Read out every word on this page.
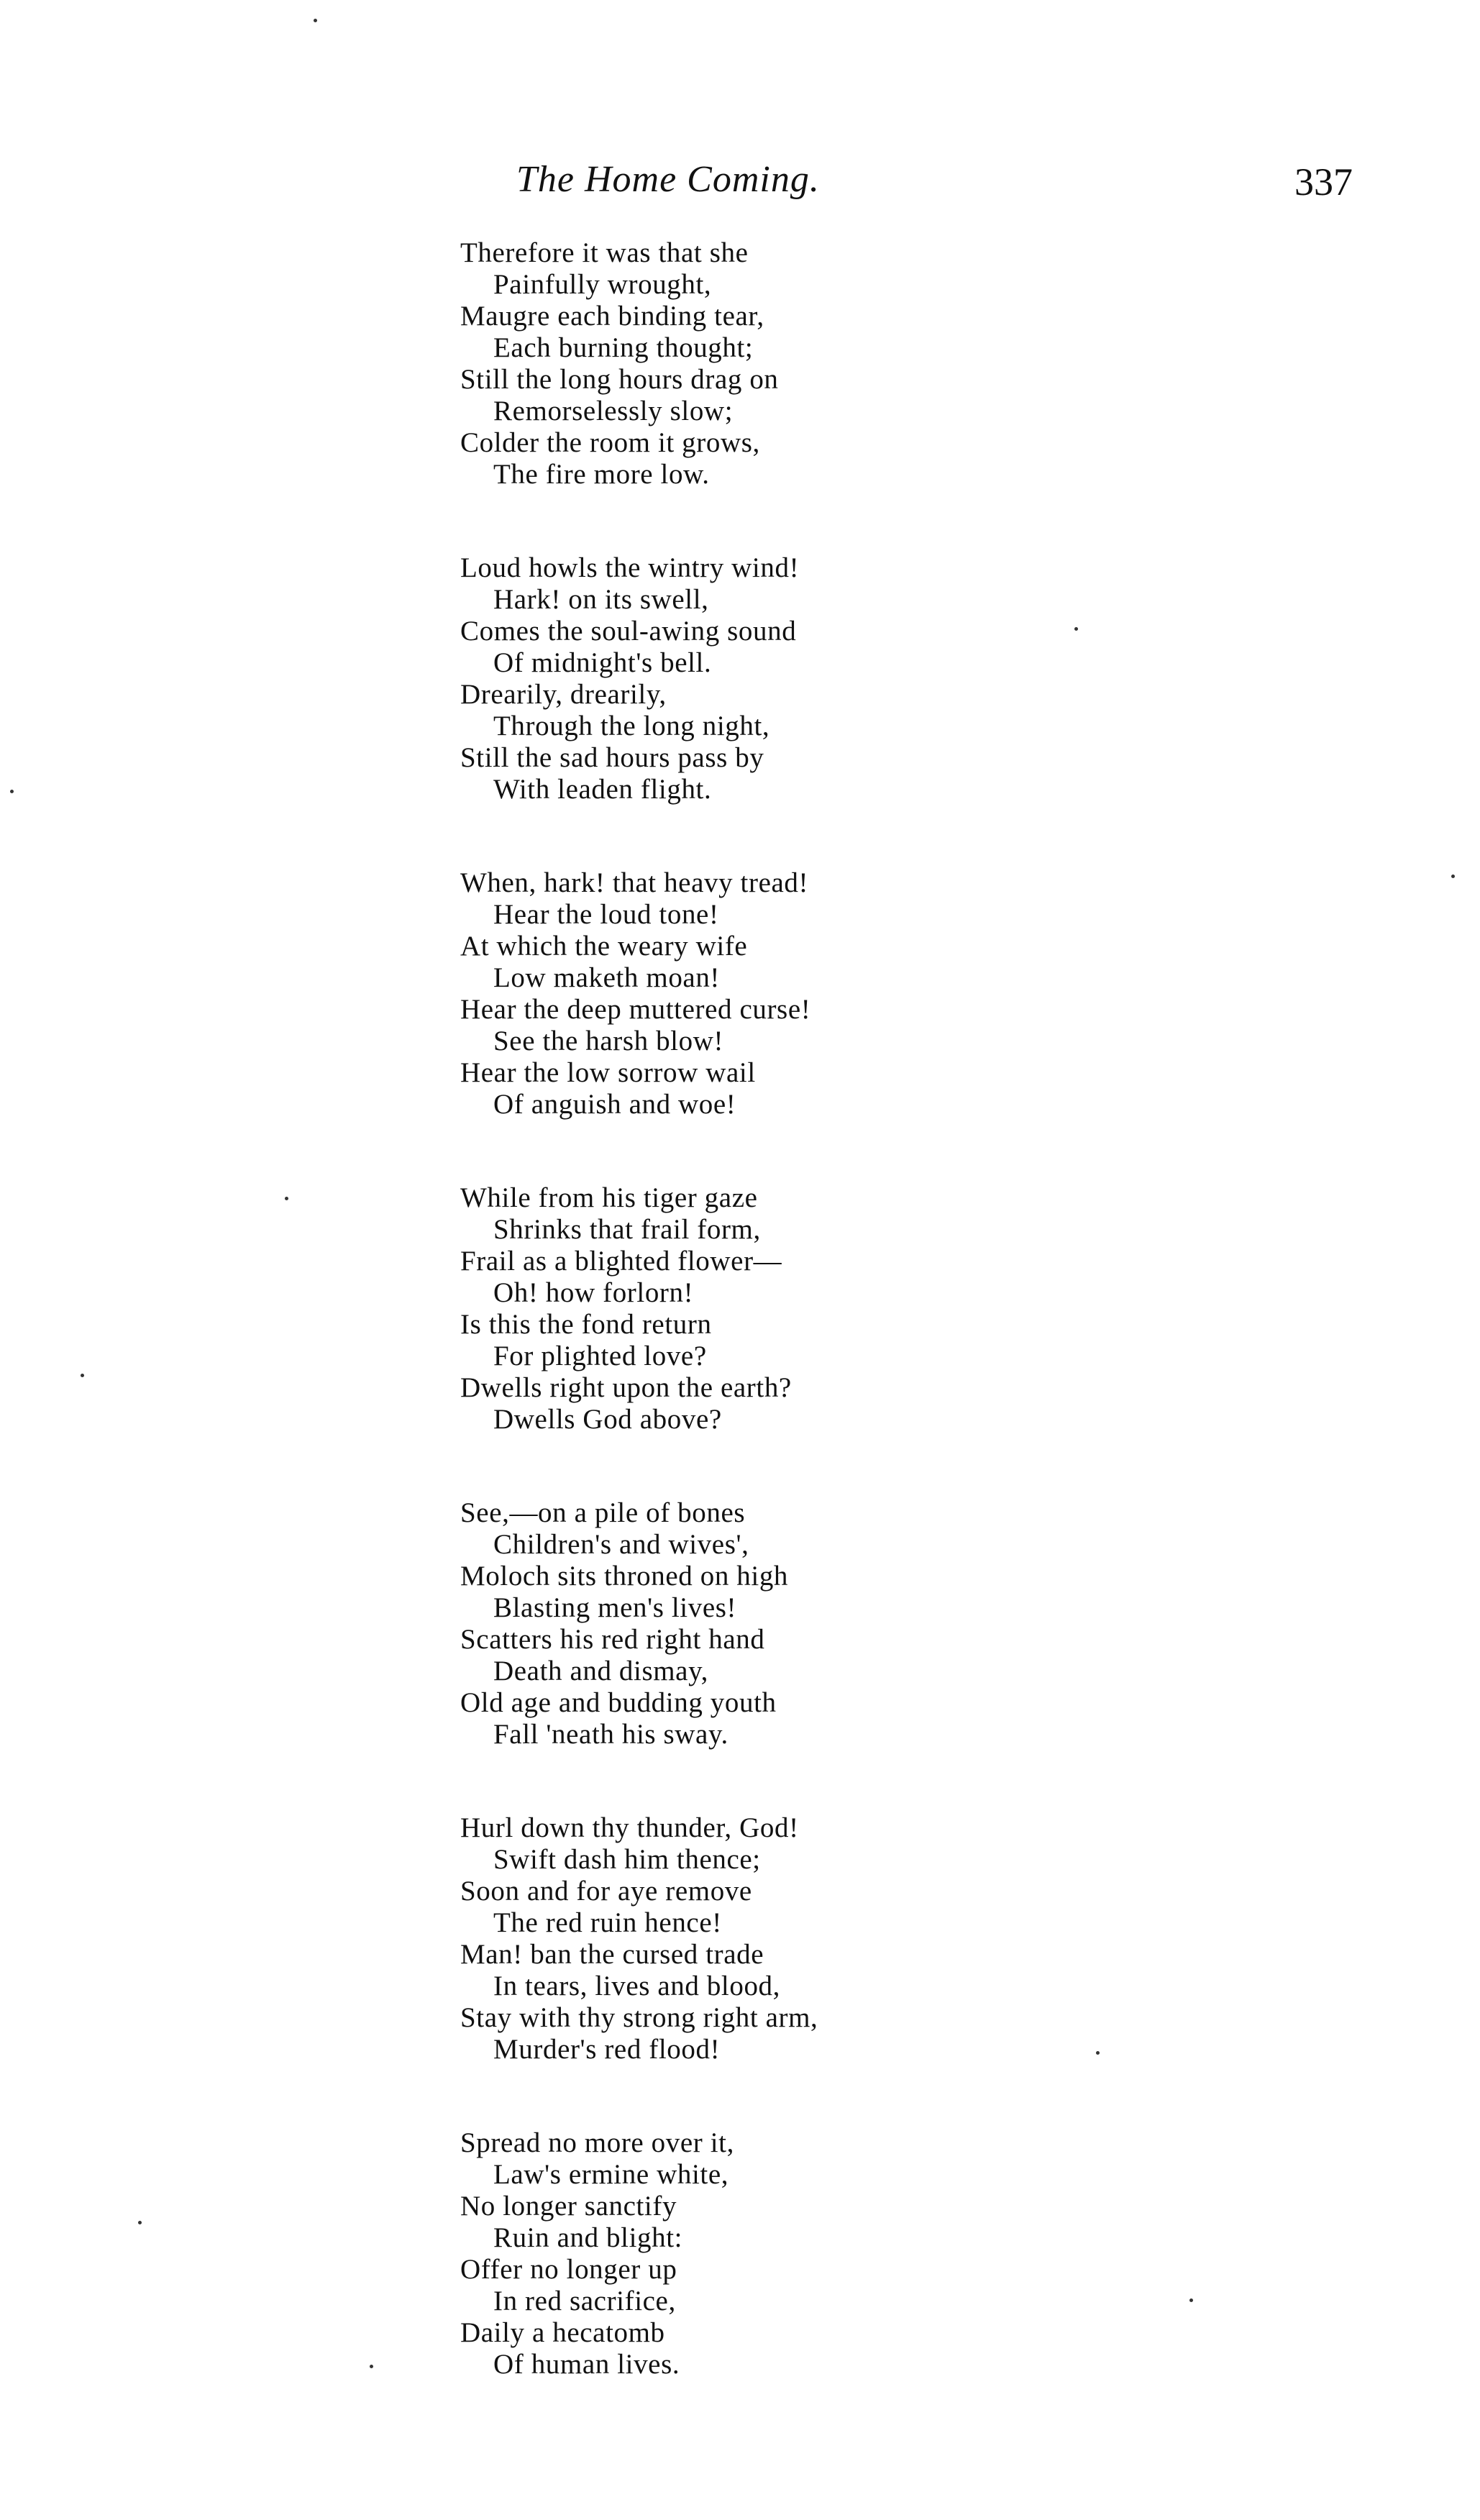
The Home Coming.	337
Therefore it was that she
Painfully wrought,
Maugre each binding tear,
Each burning thought;
Still the long hours drag on
Remorselessly slow;
Colder the room it grows,
The fire more low.
Loud howls the wintry wind!
Hark! on its swell,
Comes the soul-awing sound
Of midnight's bell.
Drearily, drearily,
Through the long night,
Still the sad hours pass by
With leaden flight.
When, hark! that heavy tread!
Hear the loud tone!
At which the weary wife
Low maketh moan!
Hear the deep muttered curse!
See the harsh blow!
Hear the low sorrow wail
Of anguish and woe!
While from his tiger gaze
Shrinks that frail form,
Frail as a blighted flower—
Oh! how forlorn!
Is this the fond return
For plighted love?
Dwells right upon the earth?
Dwells God above?
See,—on a pile of bones
Children's and wives',
Moloch sits throned on high
Blasting men's lives!
Scatters his red right hand
Death and dismay,
Old age and budding youth
Fall 'neath his sway.
Hurl down thy thunder, God!
Swift dash him thence;
Soon and for aye remove
The red ruin hence!
Man! ban the cursed trade
In tears, lives and blood,
Stay with thy strong right arm,
Murder's red flood!
Spread no more over it,
Law's ermine white,
No longer sanctify
Ruin and blight:
Offer no longer up
In red sacrifice,
Daily a hecatomb
Of human lives.
